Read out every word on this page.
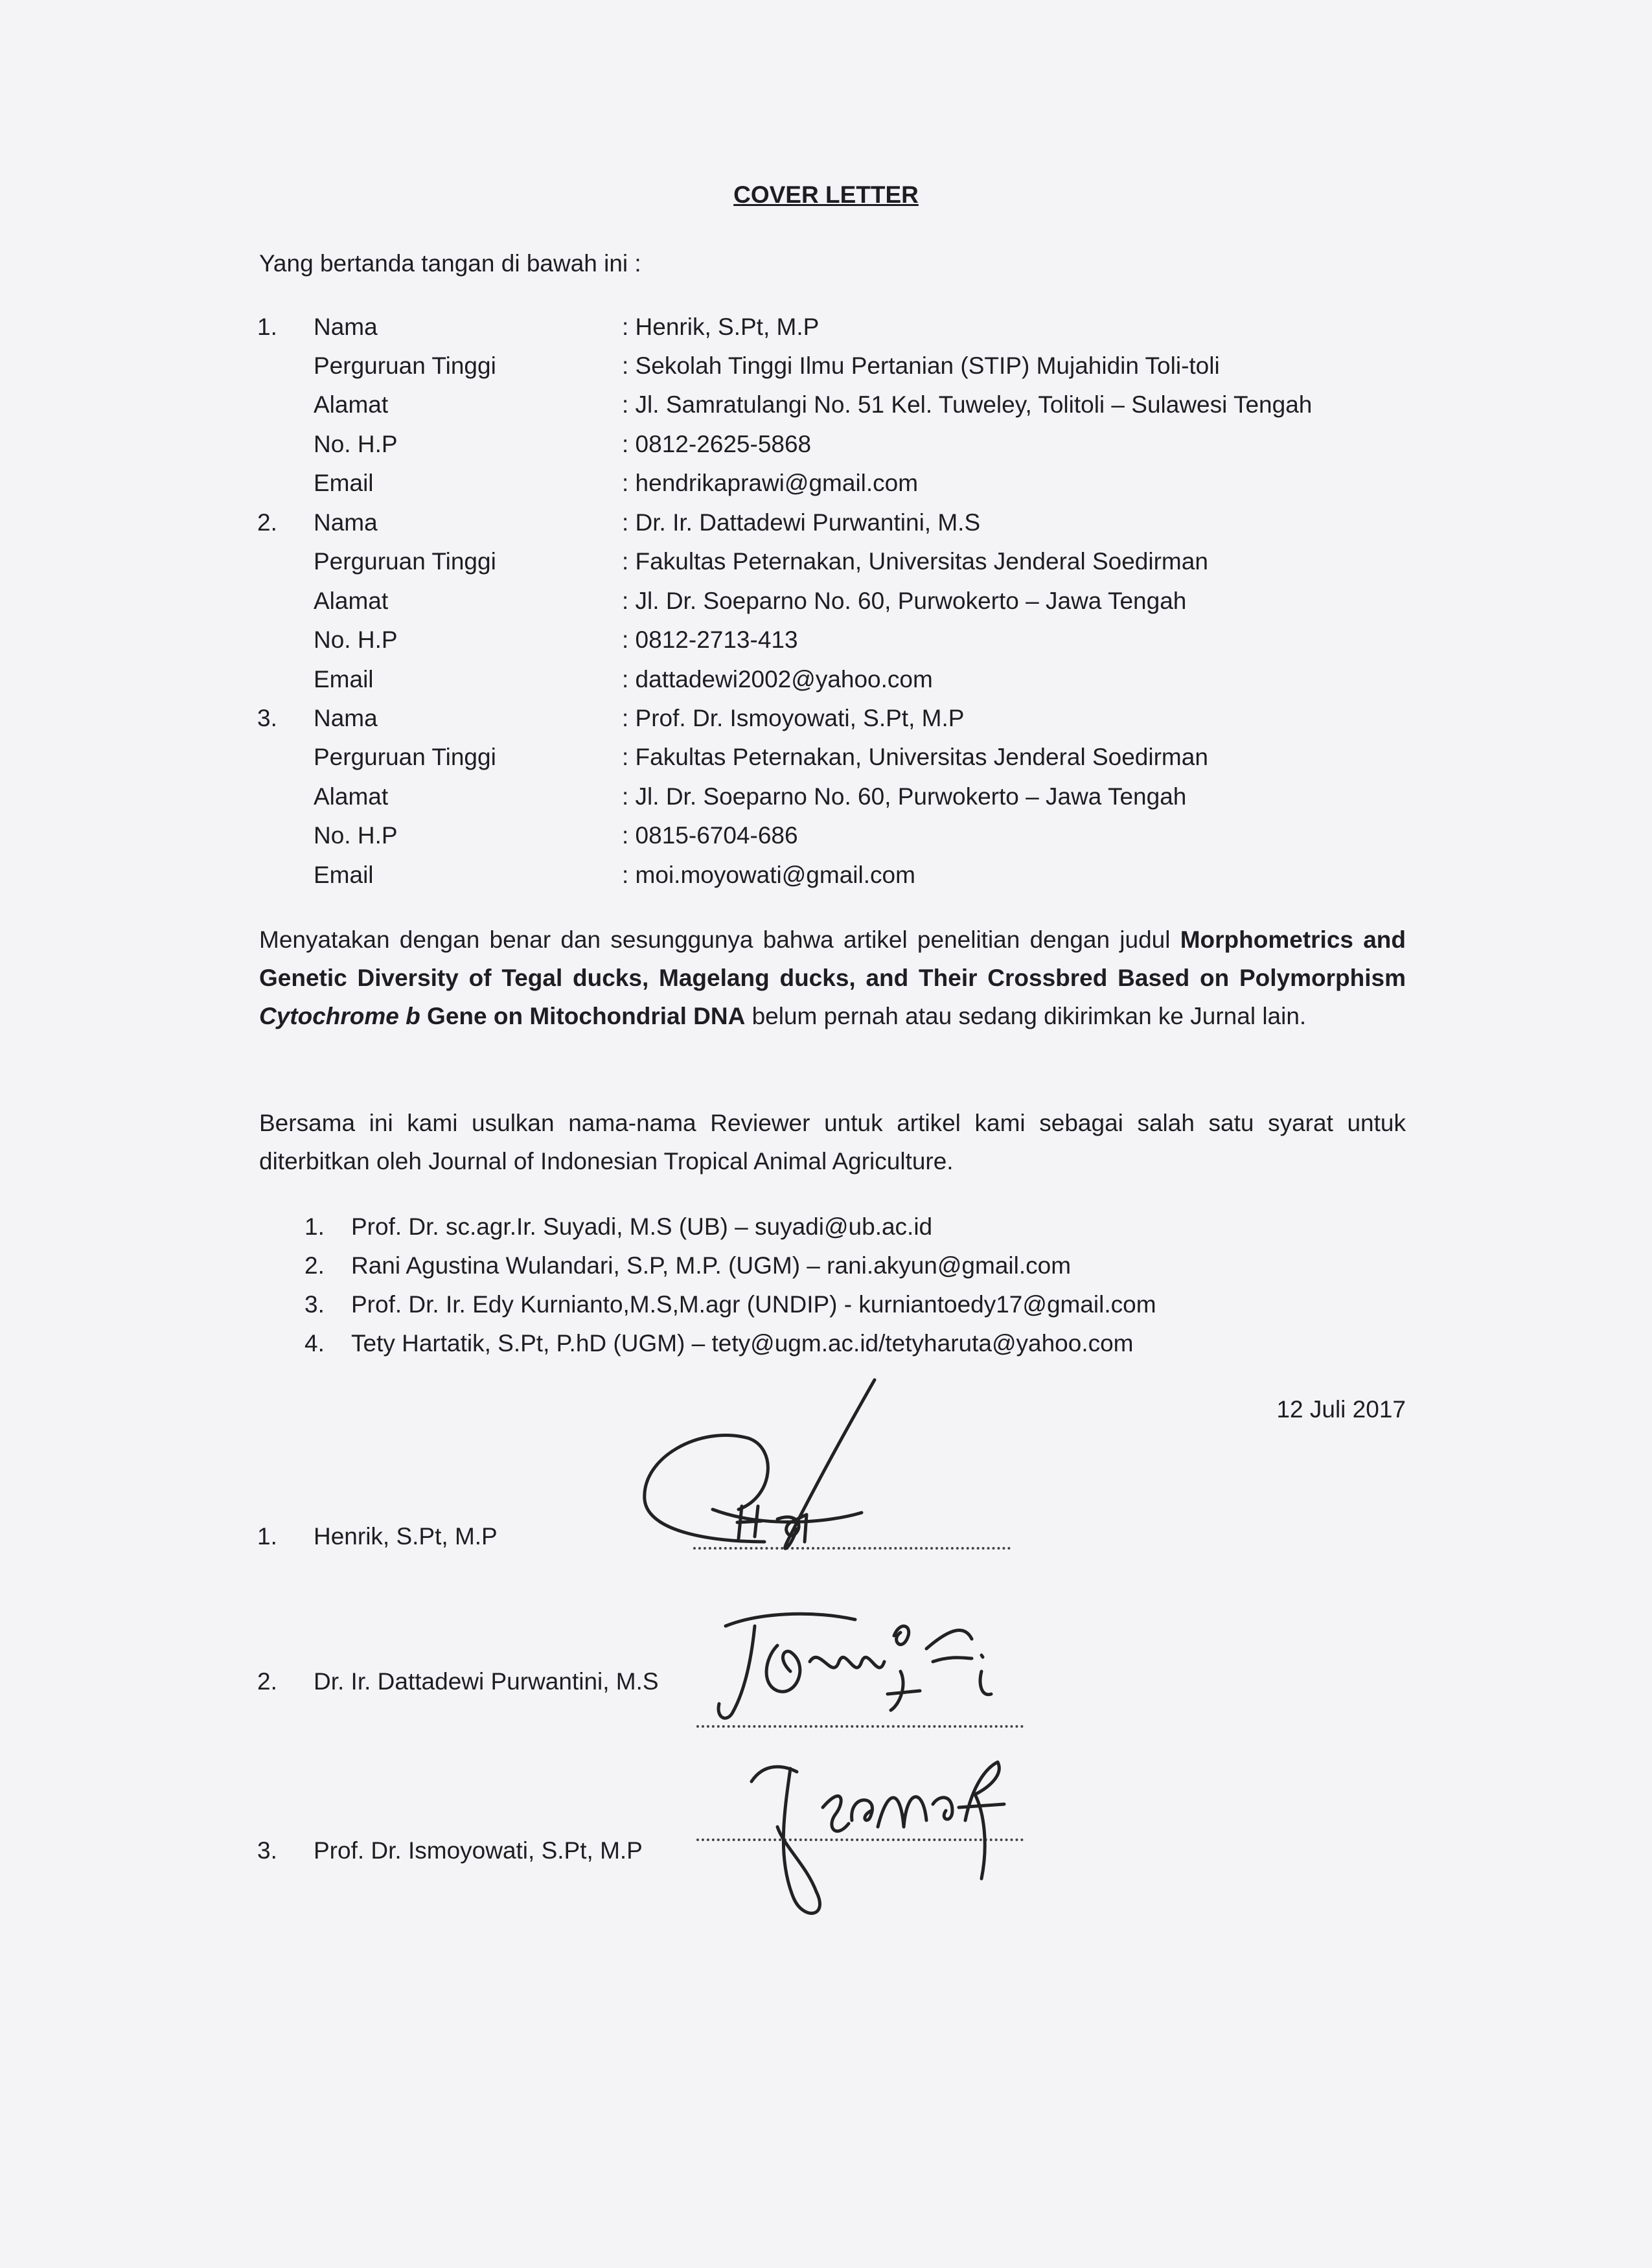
COVER LETTER
Yang bertanda tangan di bawah ini :
1. Nama	: Henrik, S.Pt, M.P
Perguruan Tinggi	: Sekolah Tinggi Ilmu Pertanian (STIP) Mujahidin Toli-toli
Alamat	: Jl. Samratulangi No. 51 Kel. Tuweley, Tolitoli – Sulawesi Tengah
No. H.P	: 0812-2625-5868
Email	: hendrikaprawi@gmail.com
2. Nama	: Dr. Ir. Dattadewi Purwantini, M.S
Perguruan Tinggi	: Fakultas Peternakan, Universitas Jenderal Soedirman
Alamat	: Jl. Dr. Soeparno No. 60, Purwokerto – Jawa Tengah
No. H.P	: 0812-2713-413
Email	: dattadewi2002@yahoo.com
3. Nama	: Prof. Dr. Ismoyowati, S.Pt, M.P
Perguruan Tinggi	: Fakultas Peternakan, Universitas Jenderal Soedirman
Alamat	: Jl. Dr. Soeparno No. 60, Purwokerto – Jawa Tengah
No. H.P	: 0815-6704-686
Email	: moi.moyowati@gmail.com
Menyatakan dengan benar dan sesunggunya bahwa artikel penelitian dengan judul Morphometrics and Genetic Diversity of Tegal ducks, Magelang ducks, and Their Crossbred Based on Polymorphism Cytochrome b Gene on Mitochondrial DNA belum pernah atau sedang dikirimkan ke Jurnal lain.
Bersama ini kami usulkan nama-nama Reviewer untuk artikel kami sebagai salah satu syarat untuk diterbitkan oleh Journal of Indonesian Tropical Animal Agriculture.
1. Prof. Dr. sc.agr.Ir. Suyadi, M.S (UB) – suyadi@ub.ac.id
2. Rani Agustina Wulandari, S.P, M.P. (UGM) – rani.akyun@gmail.com
3. Prof. Dr. Ir. Edy Kurnianto,M.S,M.agr (UNDIP) - kurniantoedy17@gmail.com
4. Tety Hartatik, S.Pt, P.hD (UGM) – tety@ugm.ac.id/tetyharuta@yahoo.com
12 Juli 2017
1. Henrik, S.Pt, M.P
2. Dr. Ir. Dattadewi Purwantini, M.S
3. Prof. Dr. Ismoyowati, S.Pt, M.P
